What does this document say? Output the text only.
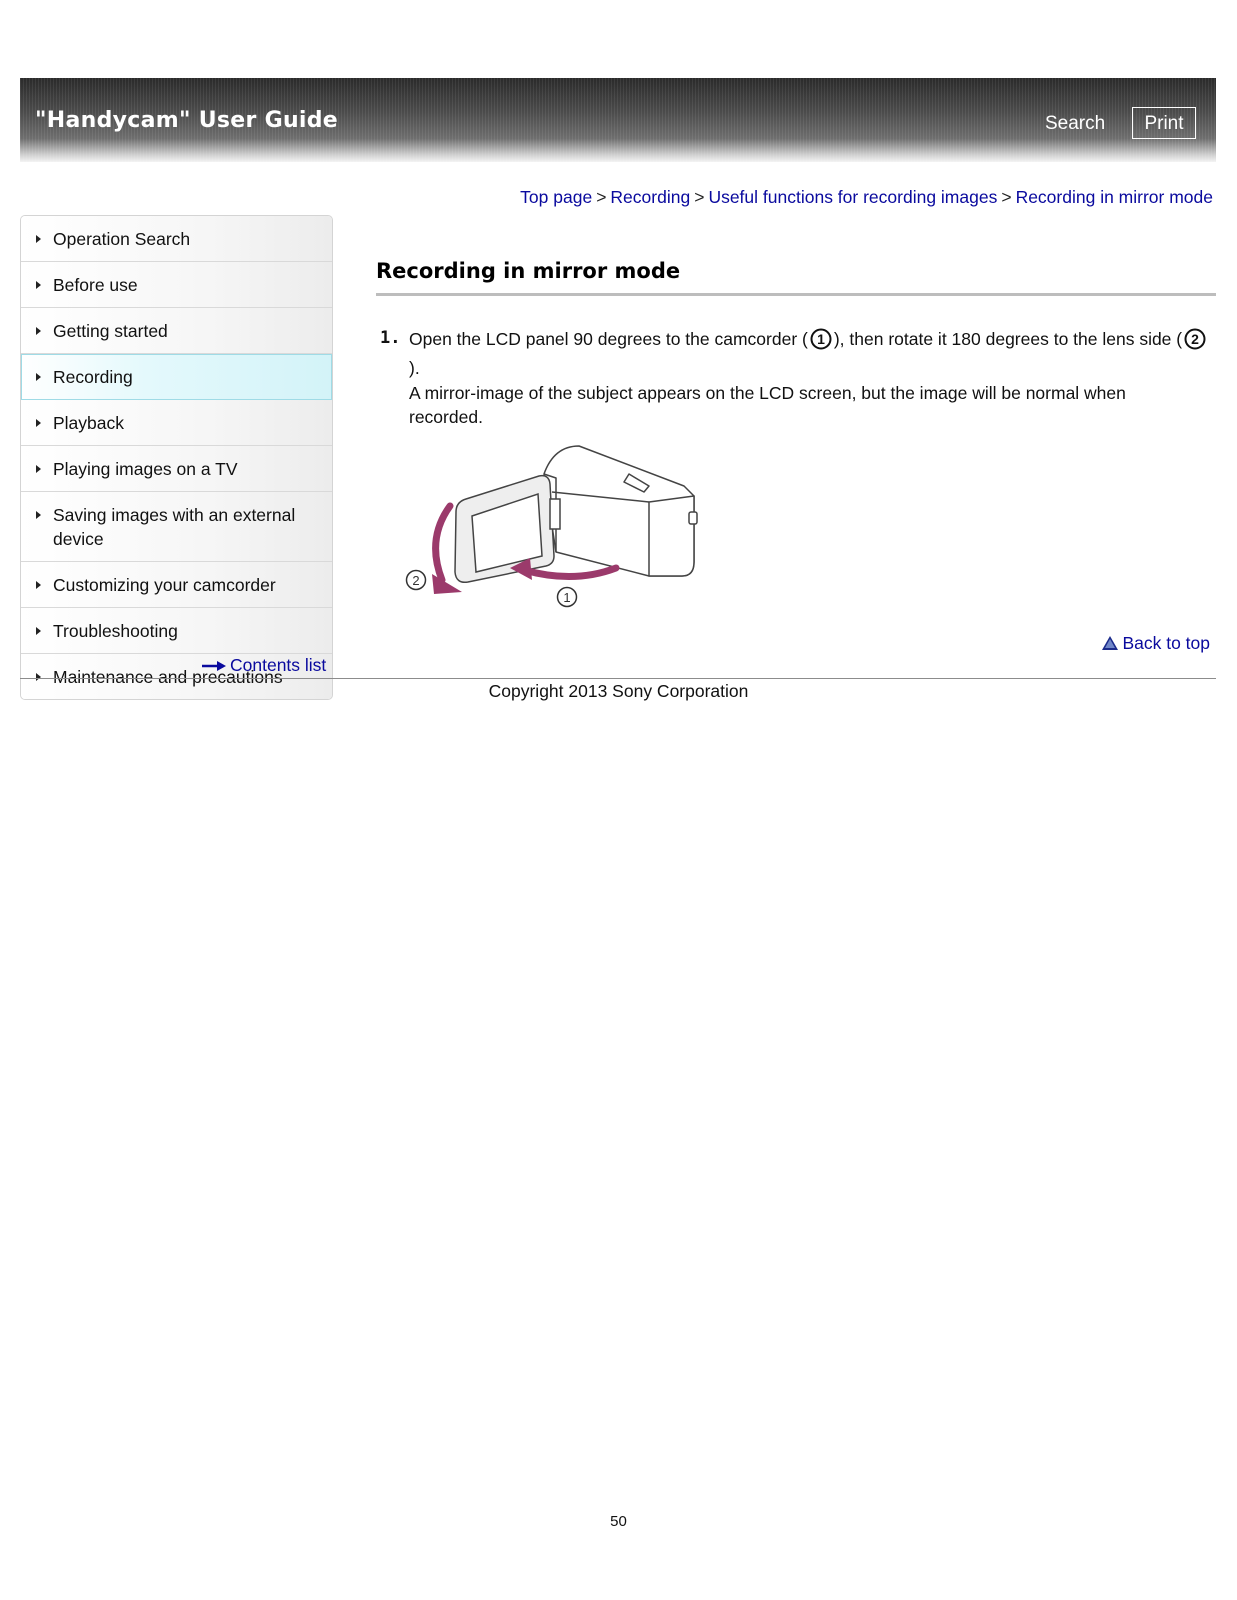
"Handycam" User Guide	Search	Print
Top page > Recording > Useful functions for recording images > Recording in mirror mode
Operation Search
Before use
Getting started
Recording
Playback
Playing images on a TV
Saving images with an external device
Customizing your camcorder
Troubleshooting
Maintenance and precautions
Contents list
Recording in mirror mode
1. Open the LCD panel 90 degrees to the camcorder ( 1 ), then rotate it 180 degrees to the lens side ( 2
).
A mirror-image of the subject appears on the LCD screen, but the image will be normal when recorded.
2
1
Back to top
Copyright 2013 Sony Corporation
50
